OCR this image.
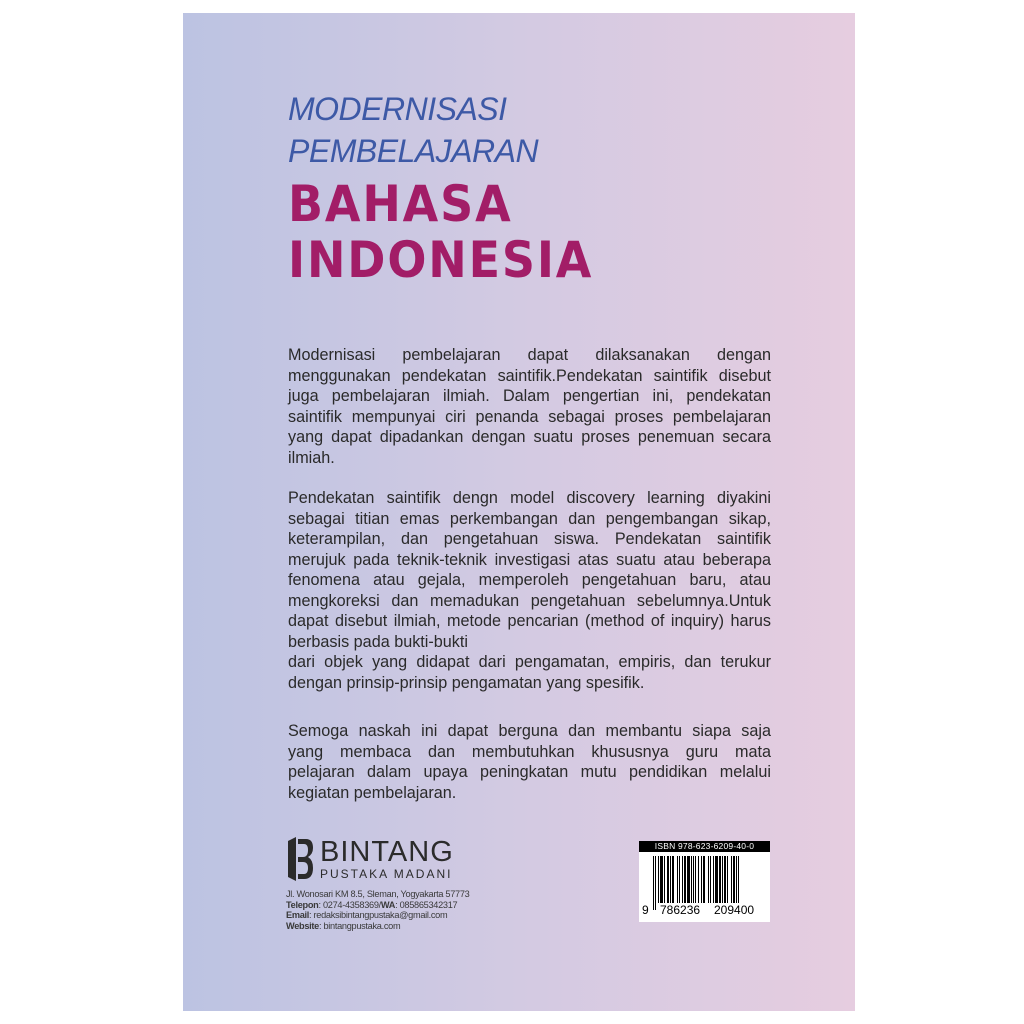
MODERNISASI
PEMBELAJARAN
BAHASA
INDONESIA

Modernisasi pembelajaran dapat dilaksanakan dengan
menggunakan pendekatan saintifik.Pendekatan saintifik disebut
juga pembelajaran ilmiah. Dalam pengertian ini, pendekatan
saintifik mempunyai ciri penanda sebagai proses pembelajaran
yang dapat dipadankan dengan suatu proses penemuan secara
ilmiah.

Pendekatan saintifik dengn model discovery learning diyakini
sebagai titian emas perkembangan dan pengembangan sikap,
keterampilan, dan pengetahuan siswa. Pendekatan saintifik
merujuk pada teknik-teknik investigasi atas suatu atau beberapa
fenomena atau gejala, memperoleh pengetahuan baru, atau
mengkoreksi dan memadukan pengetahuan sebelumnya.Untuk
dapat disebut ilmiah, metode pencarian (method of inquiry) harus
berbasis pada bukti-bukti
dari objek yang didapat dari pengamatan, empiris, dan terukur
dengan prinsip-prinsip pengamatan yang spesifik.

Semoga naskah ini dapat berguna dan membantu siapa saja
yang membaca dan membutuhkan khususnya guru mata
pelajaran dalam upaya peningkatan mutu pendidikan melalui
kegiatan pembelajaran.

BINTANG
PUSTAKA MADANI
Jl. Wonosari KM 8.5, Sleman, Yogyakarta 57773
Telepon: 0274-4358369/WA: 085865342317
Email: redaksibintangpustaka@gmail.com
Website: bintangpustaka.com
ISBN 978-623-6209-40-0
9 786236 209400
